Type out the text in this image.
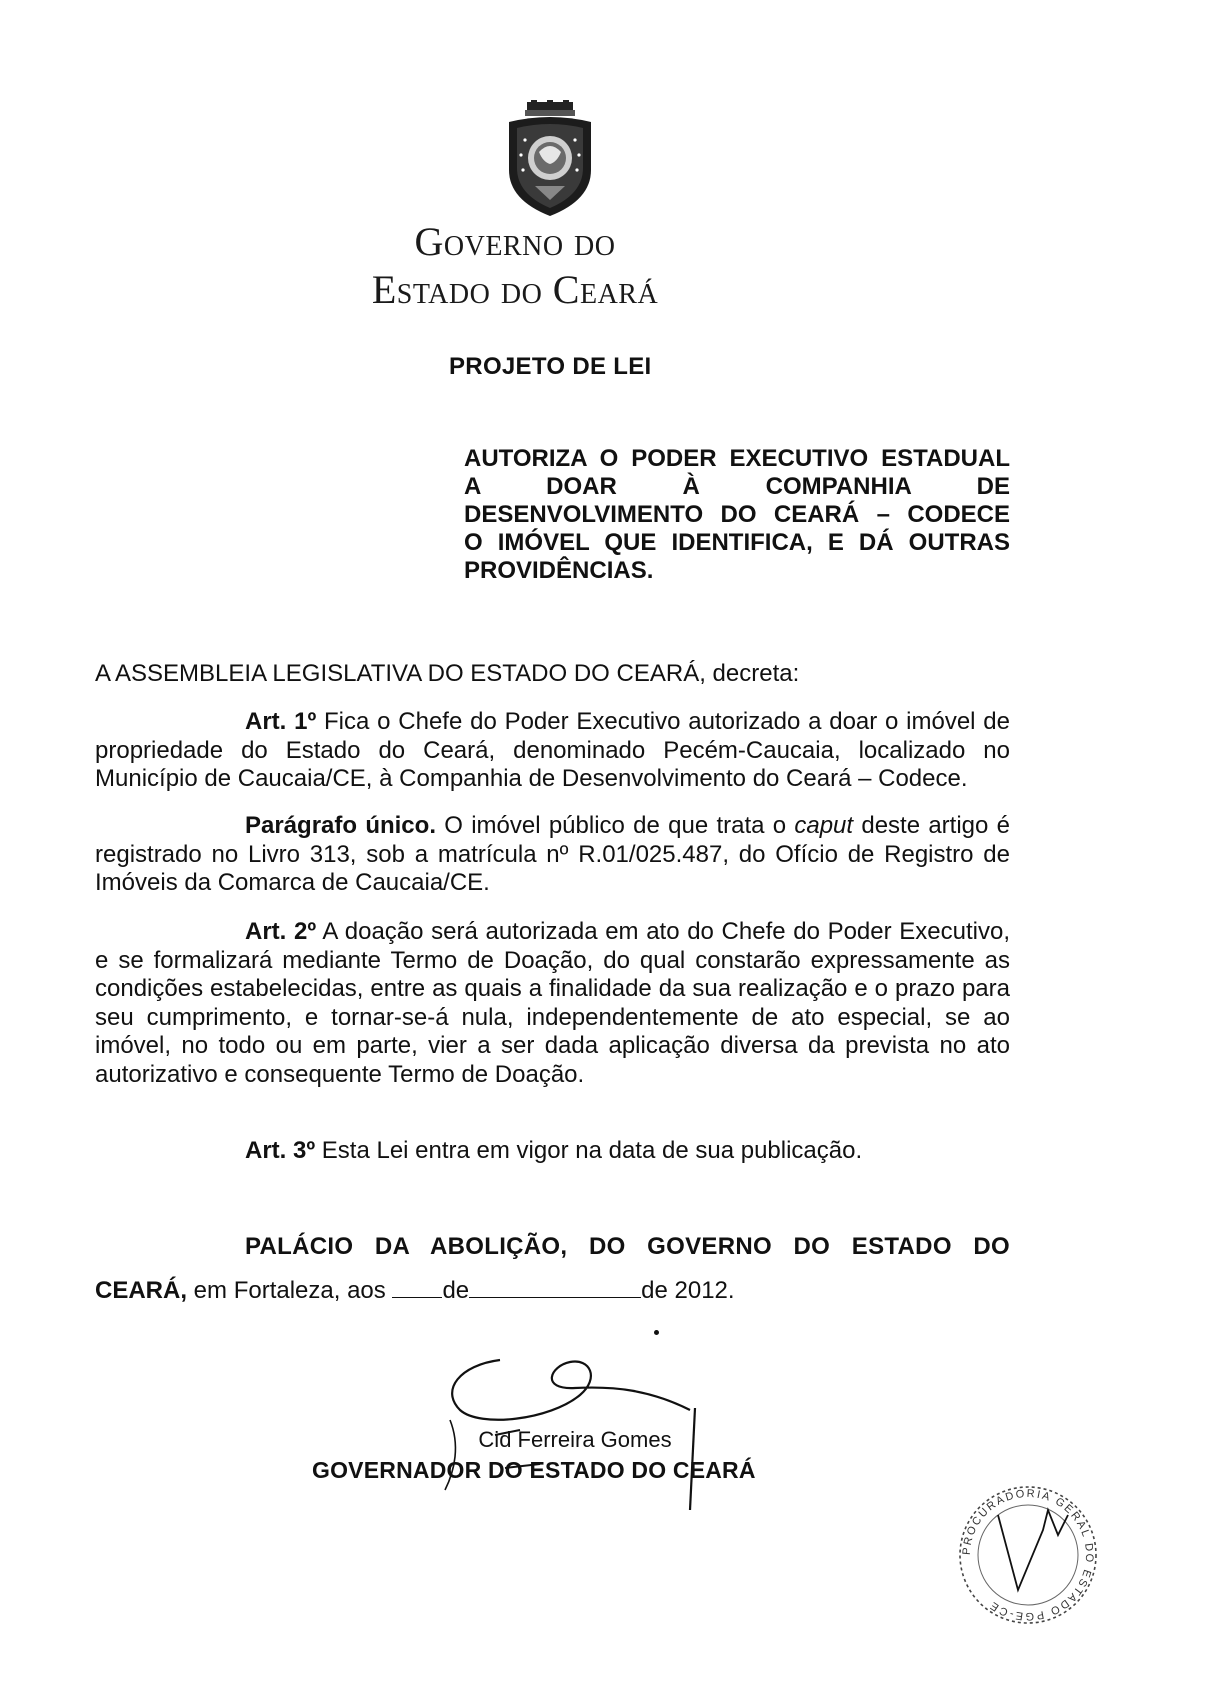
Governo do
Estado do Ceará
PROJETO DE LEI
AUTORIZA O PODER EXECUTIVO ESTADUAL
A DOAR À COMPANHIA DE
DESENVOLVIMENTO DO CEARÁ – CODECE
O IMÓVEL QUE IDENTIFICA, E DÁ OUTRAS
PROVIDÊNCIAS.
A ASSEMBLEIA LEGISLATIVA DO ESTADO DO CEARÁ, decreta:
Art. 1º Fica o Chefe do Poder Executivo autorizado a doar o imóvel de propriedade do Estado do Ceará, denominado Pecém-Caucaia, localizado no Município de Caucaia/CE, à Companhia de Desenvolvimento do Ceará – Codece.
Parágrafo único. O imóvel público de que trata o caput deste artigo é registrado no Livro 313, sob a matrícula nº R.01/025.487, do Ofício de Registro de Imóveis da Comarca de Caucaia/CE.
Art. 2º A doação será autorizada em ato do Chefe do Poder Executivo, e se formalizará mediante Termo de Doação, do qual constarão expressamente as condições estabelecidas, entre as quais a finalidade da sua realização e o prazo para seu cumprimento, e tornar-se-á nula, independentemente de ato especial, se ao imóvel, no todo ou em parte, vier a ser dada aplicação diversa da prevista no ato autorizativo e consequente Termo de Doação.
Art. 3º Esta Lei entra em vigor na data de sua publicação.
PALÁCIO DA ABOLIÇÃO, DO GOVERNO DO ESTADO DO
CEARÁ, em Fortaleza, aos de	de 2012.
Cid Ferreira Gomes
GOVERNADOR DO ESTADO DO CEARÁ
PROCURADORIA GERAL DO ESTADO PGE-CE
